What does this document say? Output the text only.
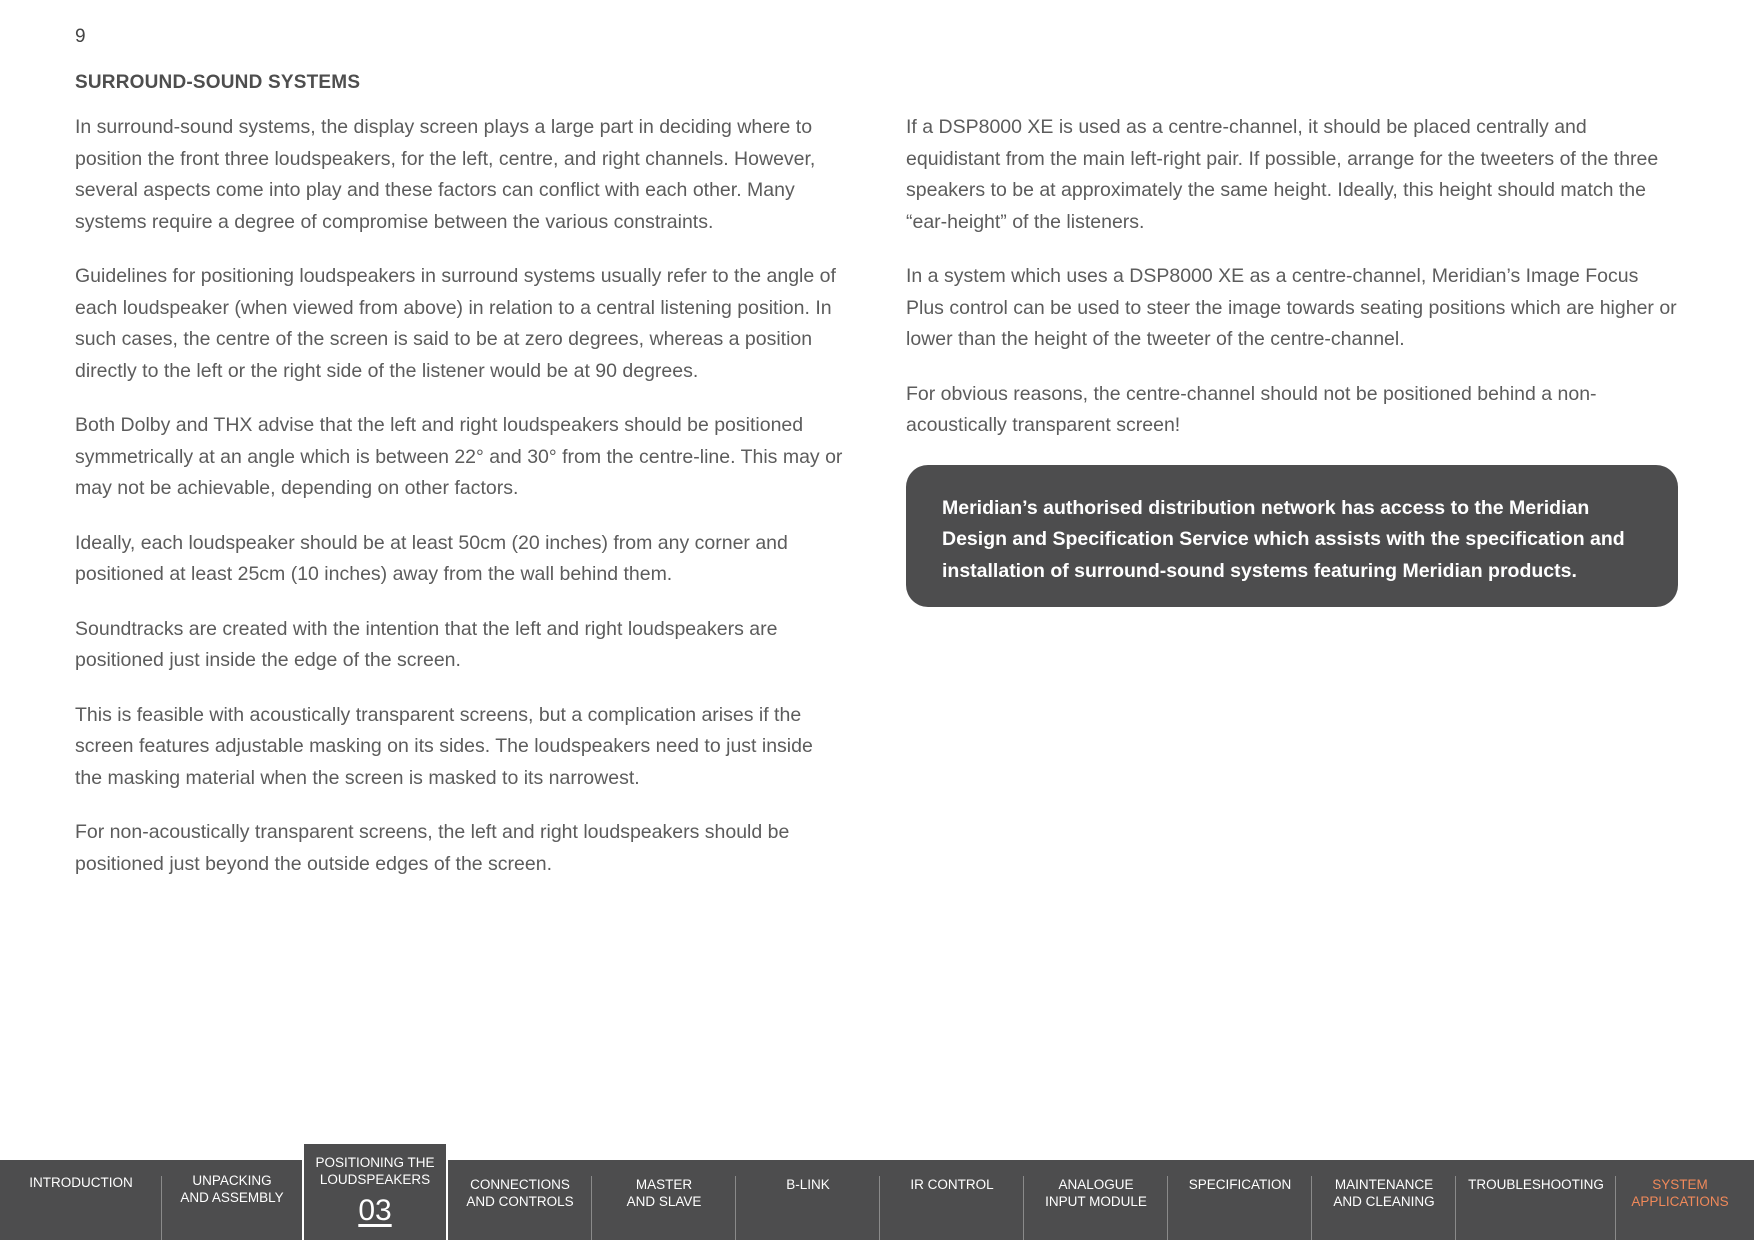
9
SURROUND-SOUND SYSTEMS

In surround-sound systems, the display screen plays a large part in deciding where to position the front three loudspeakers, for the left, centre, and right channels. However, several aspects come into play and these factors can conflict with each other. Many systems require a degree of compromise between the various constraints.

Guidelines for positioning loudspeakers in surround systems usually refer to the angle of each loudspeaker (when viewed from above) in relation to a central listening position. In such cases, the centre of the screen is said to be at zero degrees, whereas a position directly to the left or the right side of the listener would be at 90 degrees.

Both Dolby and THX advise that the left and right loudspeakers should be positioned symmetrically at an angle which is between 22° and 30° from the centre-line. This may or may not be achievable, depending on other factors.

Ideally, each loudspeaker should be at least 50cm (20 inches) from any corner and positioned at least 25cm (10 inches) away from the wall behind them.

Soundtracks are created with the intention that the left and right loudspeakers are positioned just inside the edge of the screen.

This is feasible with acoustically transparent screens, but a complication arises if the screen features adjustable masking on its sides. The loudspeakers need to just inside the masking material when the screen is masked to its narrowest.

For non-acoustically transparent screens, the left and right loudspeakers should be positioned just beyond the outside edges of the screen.

If a DSP8000 XE is used as a centre-channel, it should be placed centrally and equidistant from the main left-right pair. If possible, arrange for the tweeters of the three speakers to be at approximately the same height. Ideally, this height should match the “ear-height” of the listeners.

In a system which uses a DSP8000 XE as a centre-channel, Meridian’s Image Focus Plus control can be used to steer the image towards seating positions which are higher or lower than the height of the tweeter of the centre-channel.

For obvious reasons, the centre-channel should not be positioned behind a non-acoustically transparent screen!

Meridian’s authorised distribution network has access to the Meridian Design and Specification Service which assists with the specification and installation of surround-sound systems featuring Meridian products.

INTRODUCTION	UNPACKING
AND ASSEMBLY
POSITIONING THE
LOUDSPEAKERS
03
CONNECTIONS
AND CONTROLS
MASTER
AND SLAVE
B-LINK	IR CONTROL	ANALOGUE
INPUT MODULE
SPECIFICATION	MAINTENANCE
AND CLEANING
TROUBLESHOOTING	SYSTEM
APPLICATIONS
